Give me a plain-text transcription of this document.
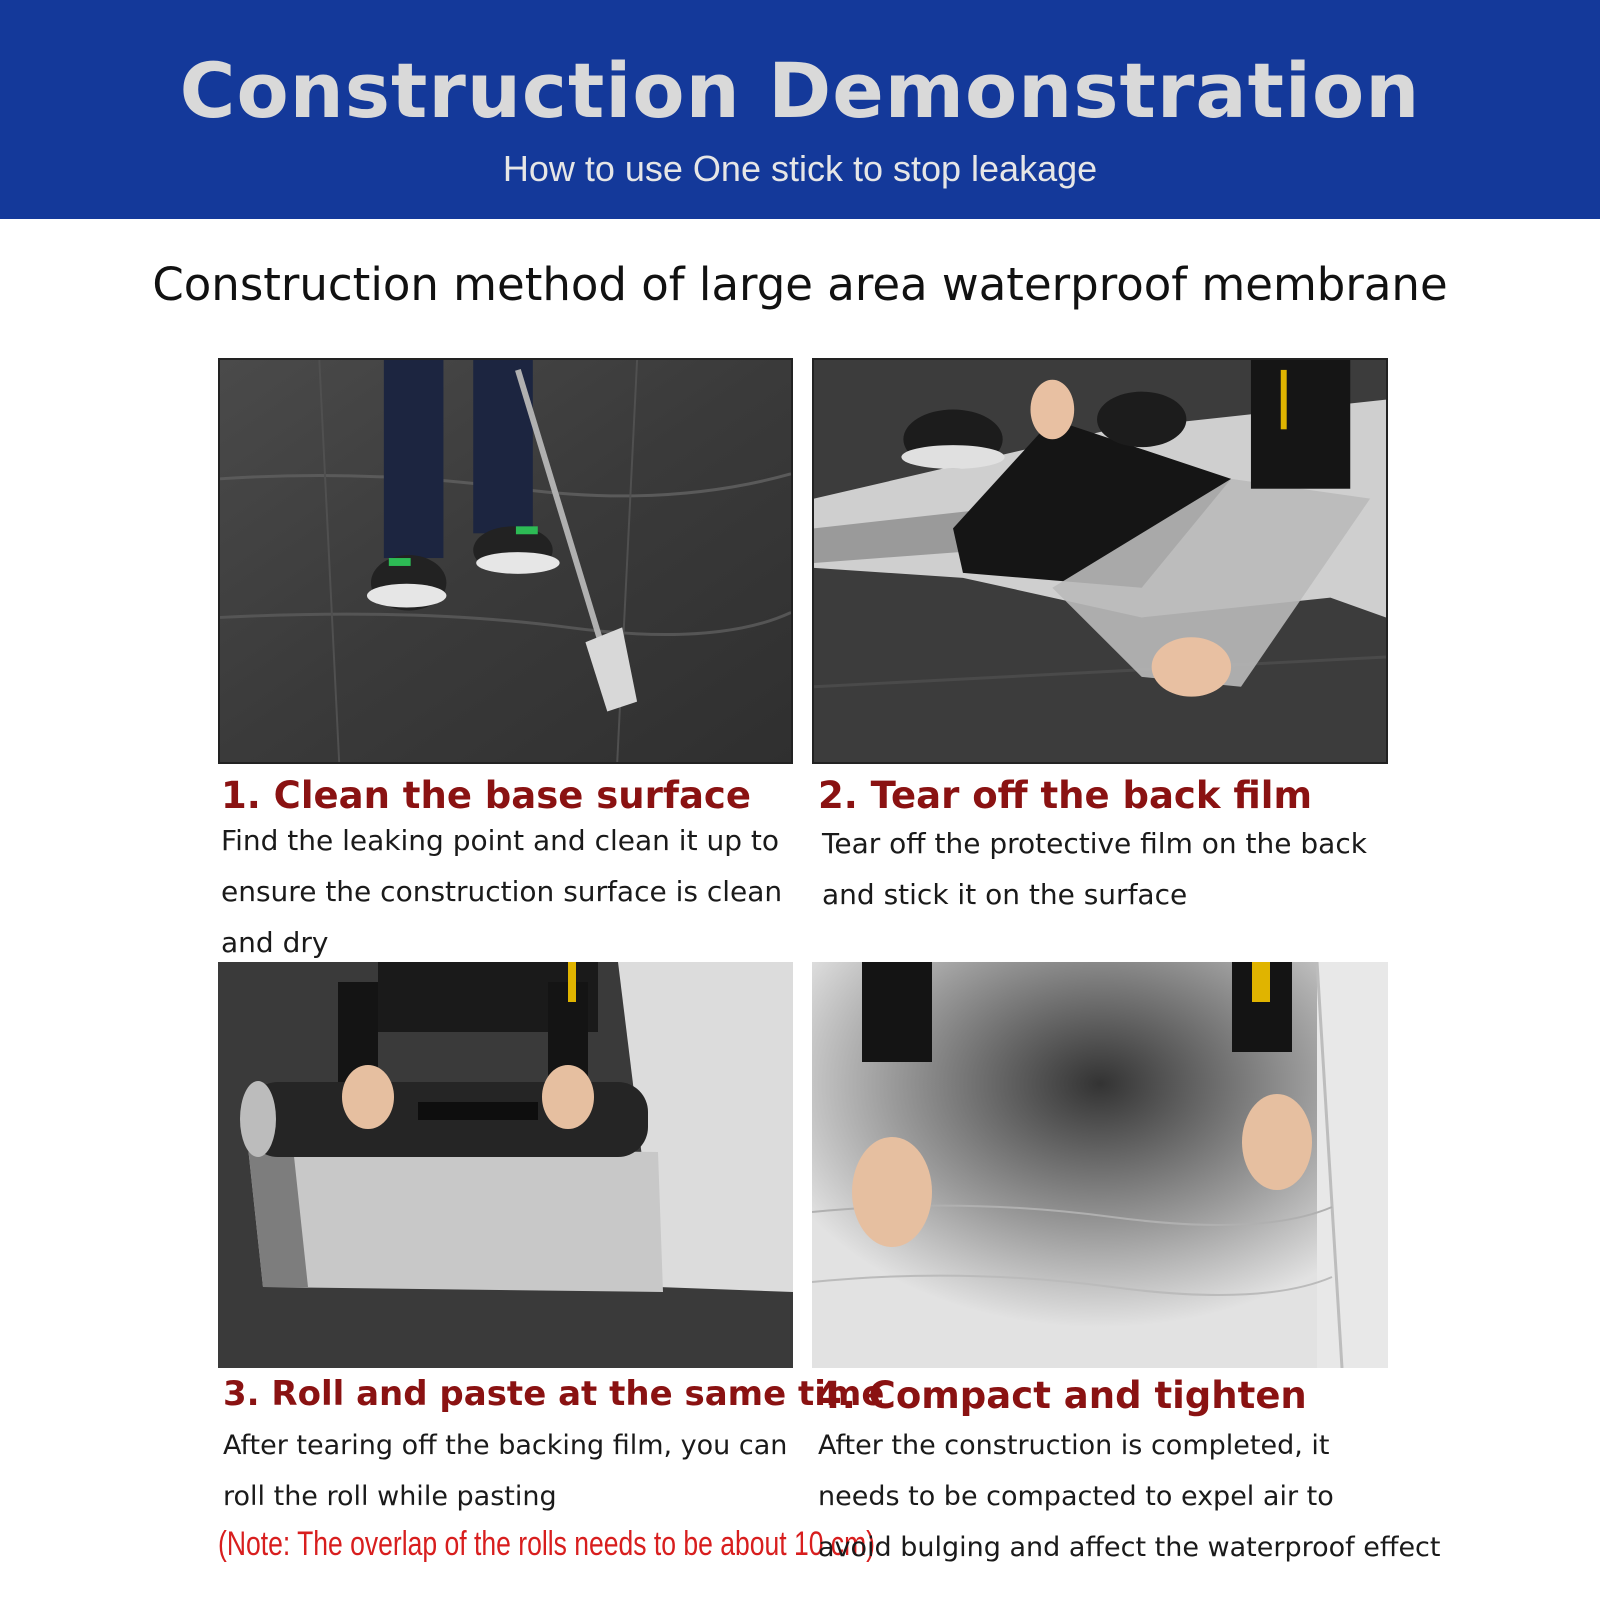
Construction Demonstration
How to use One stick to stop leakage
Construction method of large area waterproof membrane
1. Clean the base surface
Find the leaking point and clean it up to
ensure the construction surface is clean
and dry
2. Tear off the back film
Tear off the protective film on the back
and stick it on the surface
3. Roll and paste at the same time
After tearing off the backing film, you can
roll the roll while pasting
(Note: The overlap of the rolls needs to be about 10 cm)
4. Compact and tighten
After the construction is completed, it
needs to be compacted to expel air to
avoid bulging and affect the waterproof effect
